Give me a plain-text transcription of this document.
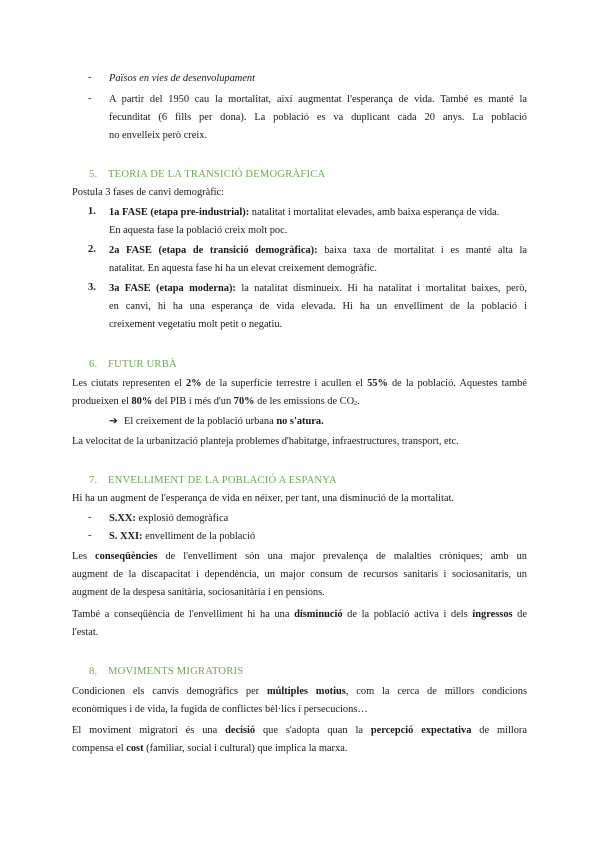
- Països en vies de desenvolupament
- A partir del 1950 cau la mortalitat, així augmentat l'esperança de vida. També es manté la
fecunditat (6 fills per dona). La població es va duplicant cada 20 anys. La població
no envelleix però creix.
5. TEORIA DE LA TRANSICIÓ DEMOGRÀFICA
Postula 3 fases de canvi demogràfic:
1. 1a FASE (etapa pre-industrial): natalitat i mortalitat elevades, amb baixa esperança de vida.
En aquesta fase la població creix molt poc.
2. 2a FASE (etapa de transició demogràfica): baixa taxa de mortalitat i es manté alta la
natalitat. En aquesta fase hi ha un elevat creixement demogràfic.
3. 3a FASE (etapa moderna): la natalitat disminueix. Hi ha natalitat i mortalitat baixes, però,
en canvi, hi ha una esperança de vida elevada. Hi ha un envelliment de la població i
creixement vegetatiu molt petit o negatiu.
6. FUTUR URBÀ
Les ciutats representen el 2% de la superfície terrestre i acullen el 55% de la població. Aquestes també
produeixen el 80% del PIB i més d'un 70% de les emissions de $CO_2$.
➔ El creixement de la població urbana no s'atura.
La velocitat de la urbanització planteja problemes d'habitatge, infraestructures, transport, etc.
7. ENVELLIMENT DE LA POBLACIÓ A ESPANYA
Hi ha un augment de l'esperança de vida en néixer, per tant, una disminució de la mortalitat.
- S.XX: explosió demogràfica
- S. XXI: envelliment de la població
Les conseqüències de l'envelliment són una major prevalença de malalties cròniques; amb un
augment de la discapacitat i dependència, un major consum de recursos sanitaris i sociosanitaris, un
augment de la despesa sanitària, sociosanitària i en pensions.
També a conseqüència de l'envelliment hi ha una disminució de la població activa i dels ingressos de
l'estat.
8. MOVIMENTS MIGRATORIS
Condicionen els canvis demogràfics per múltiples motius, com la cerca de millors condicions
econòmiques i de vida, la fugida de conflictes bèl·lics i persecucions…
El moviment migratori és una decisió que s'adopta quan la percepció expectativa de millora
compensa el cost (familiar, social i cultural) que implica la marxa.
